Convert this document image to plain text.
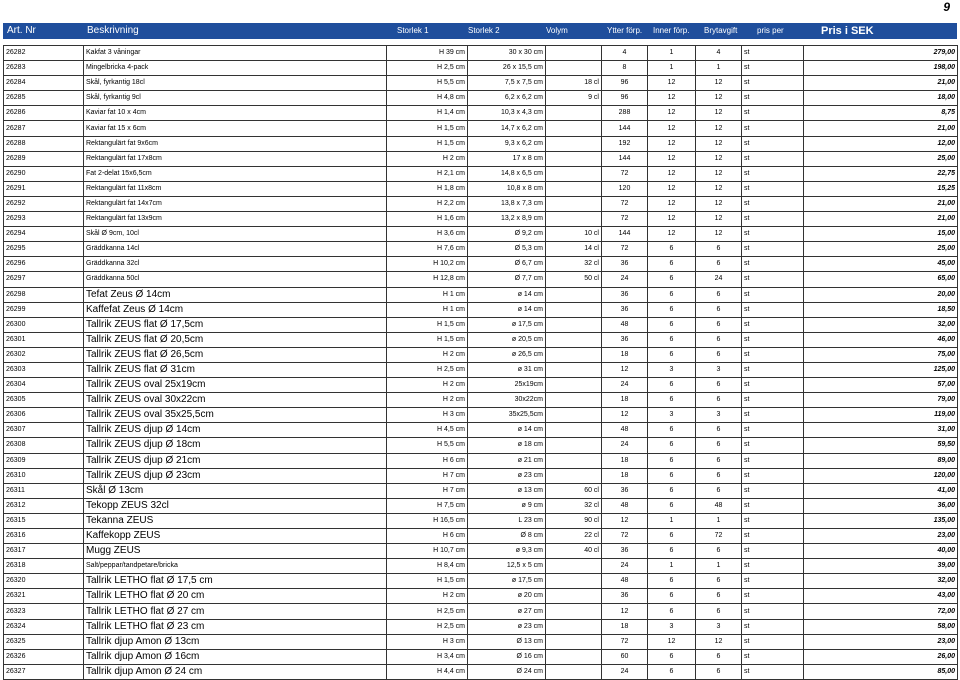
9
Art. Nr	Beskrivning	Storlek 1	Storlek 2	Volym	Ytter förp. Inner förp. Brytavgift pris per	Pris i SEK
26282	Kakfat 3 våningar	H 39 cm	30 x 30 cm		4	1	4	st	279,00
26283	Mingelbricka 4-pack	H 2,5 cm	26 x 15,5 cm		8	1	1	st	198,00
26284	Skål, fyrkantig 18cl	H 5,5 cm	7,5 x 7,5 cm	18 cl	96	12	12	st	21,00
26285	Skål, fyrkantig 9cl	H 4,8 cm	6,2 x 6,2 cm	9 cl	96	12	12	st	18,00
26286	Kaviar fat 10 x 4cm	H 1,4 cm	10,3 x 4,3 cm		288	12	12	st	8,75
26287	Kaviar fat 15 x 6cm	H 1,5 cm	14,7 x 6,2 cm		144	12	12	st	21,00
26288	Rektangulärt fat 9x6cm	H 1,5 cm	9,3 x 6,2 cm		192	12	12	st	12,00
26289	Rektangulärt fat 17x8cm	H 2 cm	17 x 8 cm		144	12	12	st	25,00
26290	Fat 2-delat 15x6,5cm	H 2,1 cm	14,8 x 6,5 cm		72	12	12	st	22,75
26291	Rektangulärt fat 11x8cm	H 1,8 cm	10,8 x 8 cm		120	12	12	st	15,25
26292	Rektangulärt fat 14x7cm	H 2,2 cm	13,8 x 7,3 cm		72	12	12	st	21,00
26293	Rektangulärt fat 13x9cm	H 1,6 cm	13,2 x 8,9 cm		72	12	12	st	21,00
26294	Skål Ø 9cm, 10cl	H 3,6 cm	Ø 9,2 cm	10 cl	144	12	12	st	15,00
26295	Gräddkanna 14cl	H 7,6 cm	Ø 5,3 cm	14 cl	72	6	6	st	25,00
26296	Gräddkanna 32cl	H 10,2 cm	Ø 6,7 cm	32 cl	36	6	6	st	45,00
26297	Gräddkanna 50cl	H 12,8 cm	Ø 7,7 cm	50 cl	24	6	24	st	65,00
26298	Tefat Zeus Ø 14cm	H 1 cm	ø 14 cm		36	6	6	st	20,00
26299	Kaffefat Zeus Ø 14cm	H 1 cm	ø 14 cm		36	6	6	st	18,50
26300	Tallrik ZEUS flat Ø 17,5cm	H 1,5 cm	ø 17,5 cm		48	6	6	st	32,00
26301	Tallrik ZEUS flat Ø 20,5cm	H 1,5 cm	ø 20,5 cm		36	6	6	st	46,00
26302	Tallrik ZEUS flat Ø 26,5cm	H 2 cm	ø 26,5 cm		18	6	6	st	75,00
26303	Tallrik ZEUS flat Ø 31cm	H 2,5 cm	ø 31 cm		12	3	3	st	125,00
26304	Tallrik ZEUS oval 25x19cm	H 2 cm	25x19cm		24	6	6	st	57,00
26305	Tallrik ZEUS oval 30x22cm	H 2 cm	30x22cm		18	6	6	st	79,00
26306	Tallrik ZEUS oval 35x25,5cm	H 3 cm	35x25,5cm		12	3	3	st	119,00
26307	Tallrik ZEUS djup Ø 14cm	H 4,5 cm	ø 14 cm		48	6	6	st	31,00
26308	Tallrik ZEUS djup Ø 18cm	H 5,5 cm	ø 18 cm		24	6	6	st	59,50
26309	Tallrik ZEUS djup Ø 21cm	H 6 cm	ø 21 cm		18	6	6	st	89,00
26310	Tallrik ZEUS djup Ø 23cm	H 7 cm	ø 23 cm		18	6	6	st	120,00
26311	Skål Ø 13cm	H 7 cm	ø 13 cm	60 cl	36	6	6	st	41,00
26312	Tekopp ZEUS 32cl	H 7,5 cm	ø 9 cm	32 cl	48	6	48	st	36,00
26315	Tekanna ZEUS	H 16,5 cm	L 23 cm	90 cl	12	1	1	st	135,00
26316	Kaffekopp ZEUS	H 6 cm	Ø 8 cm	22 cl	72	6	72	st	23,00
26317	Mugg ZEUS	H 10,7 cm	ø 9,3 cm	40 cl	36	6	6	st	40,00
26318	Salt/peppar/tandpetare/bricka	H 8,4 cm	12,5 x 5 cm		24	1	1	st	39,00
26320	Tallrik LETHO flat Ø 17,5 cm	H 1,5 cm	ø 17,5 cm		48	6	6	st	32,00
26321	Tallrik LETHO flat Ø 20 cm	H 2 cm	ø 20 cm		36	6	6	st	43,00
26323	Tallrik LETHO flat Ø 27 cm	H 2,5 cm	ø 27 cm		12	6	6	st	72,00
26324	Tallrik LETHO flat Ø 23 cm	H 2,5 cm	ø 23 cm		18	3	3	st	58,00
26325	Tallrik djup Amon Ø 13cm	H 3 cm	Ø 13 cm		72	12	12	st	23,00
26326	Tallrik djup Amon Ø 16cm	H 3,4 cm	Ø 16 cm		60	6	6	st	26,00
26327	Tallrik djup Amon Ø 24 cm	H 4,4 cm	Ø 24 cm		24	6	6	st	85,00
